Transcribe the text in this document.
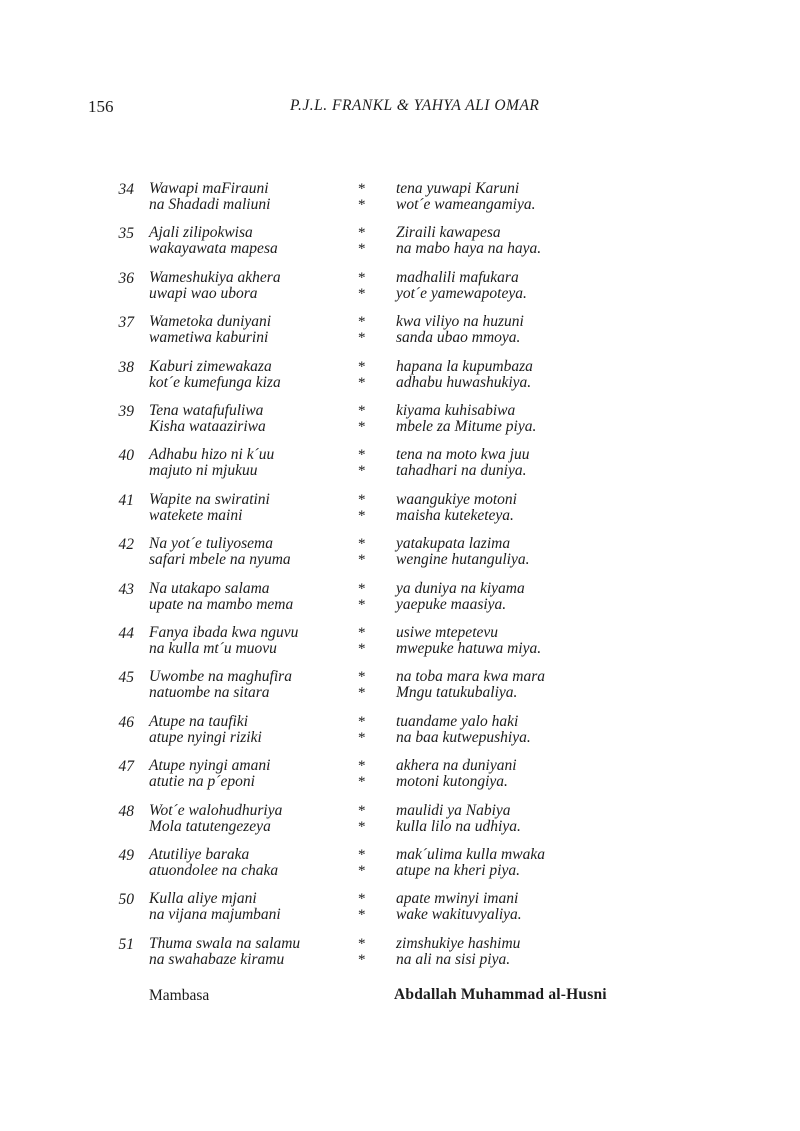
156	P.J.L. FRANKL & YAHYA ALI OMAR
34 Wawapi maFirauni	* tena yuwapi Karuni
na Shadadi maliuni	* wot´e wameangamiya.
35 Ajali zilipokwisa	* Ziraili kawapesa
wakayawata mapesa	* na mabo haya na haya.
36 Wameshukiya akhera	* madhalili mafukara
uwapi wao ubora	* yot´e yamewapoteya.
37 Wametoka duniyani	* kwa viliyo na huzuni
wametiwa kaburini	* sanda ubao mmoya.
38 Kaburi zimewakaza	* hapana la kupumbaza
kot´e kumefunga kiza	* adhabu huwashukiya.
39 Tena watafufuliwa	* kiyama kuhisabiwa
Kisha wataaziriwa	* mbele za Mitume piya.
40 Adhabu hizo ni k´uu	* tena na moto kwa juu
majuto ni mjukuu	* tahadhari na duniya.
41 Wapite na swiratini	* waangukiye motoni
watekete maini	* maisha kuteketeya.
42 Na yot´e tuliyosema	* yatakupata lazima
safari mbele na nyuma	* wengine hutanguliya.
43 Na utakapo salama	* ya duniya na kiyama
upate na mambo mema	* yaepuke maasiya.
44 Fanya ibada kwa nguvu	* usiwe mtepetevu
na kulla mt´u muovu	* mwepuke hatuwa miya.
45 Uwombe na maghufira	* na toba mara kwa mara
natuombe na sitara	* Mngu tatukubaliya.
46 Atupe na taufiki	* tuandame yalo haki
atupe nyingi riziki	* na baa kutwepushiya.
47 Atupe nyingi amani	* akhera na duniyani
atutie na p´eponi	* motoni kutongiya.
48 Wot´e walohudhuriya	* maulidi ya Nabiya
Mola tatutengezeya	* kulla lilo na udhiya.
49 Atutiliye baraka	* mak´ulima kulla mwaka
atuondolee na chaka	* atupe na kheri piya.
50 Kulla aliye mjani	* apate mwinyi imani
na vijana majumbani	* wake wakituvyaliya.
51 Thuma swala na salamu	* zimshukiye hashimu
na swahabaze kiramu	* na ali na sisi piya.
Mambasa	Abdallah Muhammad al-Husni
